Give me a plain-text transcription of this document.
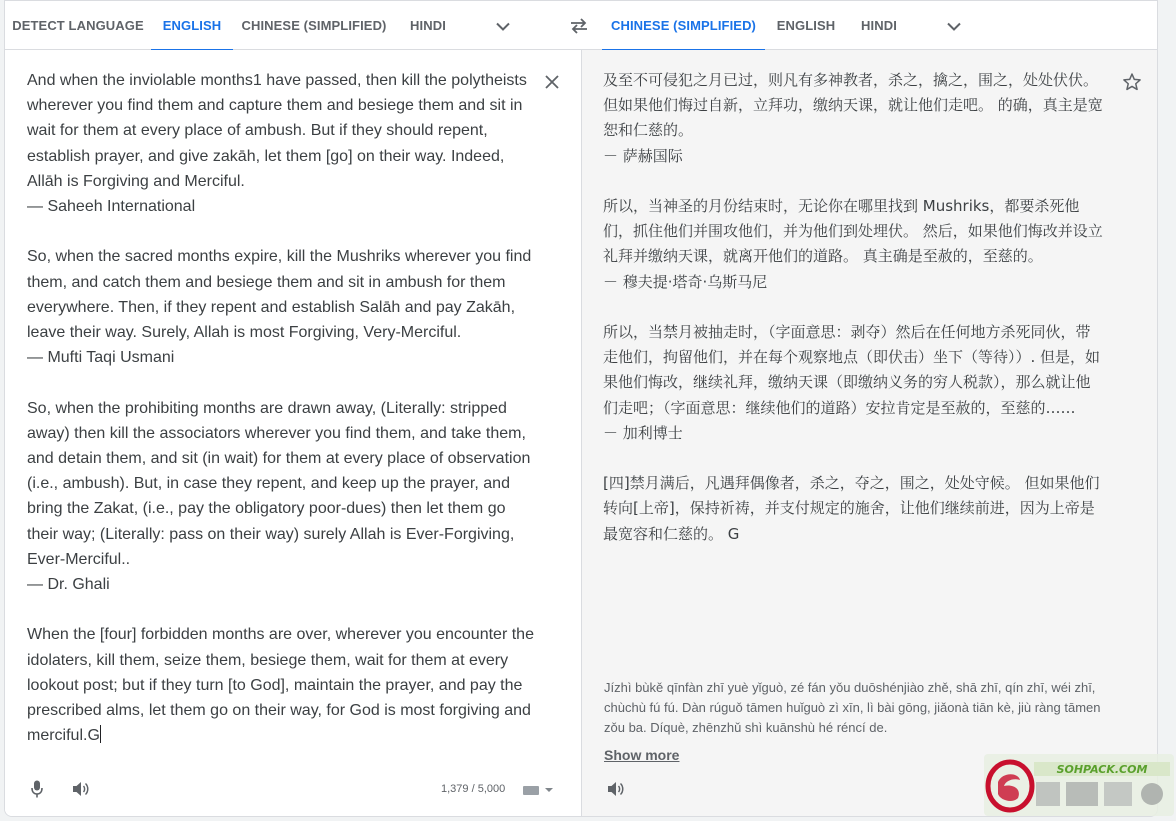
DETECT LANGUAGE	ENGLISH	CHINESE (SIMPLIFIED)	HINDI	CHINESE (SIMPLIFIED)	ENGLISH	HINDI

And when the inviolable months1 have passed, then kill the polytheists wherever you find them and capture them and besiege them and sit in wait for them at every place of ambush. But if they should repent, establish prayer, and give zakāh, let them [go] on their way. Indeed, Allāh is Forgiving and Merciful.
— Saheeh International

So, when the sacred months expire, kill the Mushriks wherever you find them, and catch them and besiege them and sit in ambush for them everywhere. Then, if they repent and establish Salāh and pay Zakāh, leave their way. Surely, Allah is most Forgiving, Very-Merciful.
— Mufti Taqi Usmani

So, when the prohibiting months are drawn away, (Literally: stripped away) then kill the associators wherever you find them, and take them, and detain them, and sit (in wait) for them at every place of observation (i.e., ambush). But, in case they repent, and keep up the prayer, and bring the Zakat, (i.e., pay the obligatory poor-dues) then let them go their way; (Literally: pass on their way) surely Allah is Ever-Forgiving, Ever-Merciful..
— Dr. Ghali

When the [four] forbidden months are over, wherever you encounter the idolaters, kill them, seize them, besiege them, wait for them at every lookout post; but if they turn [to God], maintain the prayer, and pay the prescribed alms, let them go on their way, for God is most forgiving and merciful.G

1,379 / 5,000

及至不可侵犯之月已过，则凡有多神教者，杀之，擒之，围之，处处伏伏。 但如果他们悔过自新，立拜功，缴纳天课，就让他们走吧。 的确，真主是宽恕和仁慈的。
－ 萨赫国际

所以，当神圣的月份结束时，无论你在哪里找到 Mushriks，都要杀死他们，抓住他们并围攻他们，并为他们到处埋伏。 然后，如果他们悔改并设立礼拜并缴纳天课，就离开他们的道路。 真主确是至赦的，至慈的。
－ 穆夫提·塔奇·乌斯马尼

所以，当禁月被抽走时，（字面意思：剥夺）然后在任何地方杀死同伙，带走他们，拘留他们，并在每个观察地点（即伏击）坐下（等待））. 但是，如果他们悔改，继续礼拜，缴纳天课（即缴纳义务的穷人税款），那么就让他们走吧；（字面意思：继续他们的道路）安拉肯定是至赦的，至慈的……
－ 加利博士

[四]禁月满后，凡遇拜偶像者，杀之，夺之，围之，处处守候。 但如果他们转向[上帝]，保持祈祷，并支付规定的施舍，让他们继续前进，因为上帝是最宽容和仁慈的。 G

Jízhì bùkě qīnfàn zhī yuè yǐguò, zé fán yǒu duōshénjiào zhě, shā zhī, qín zhī, wéi zhī, chùchù fú fú. Dàn rúguǒ tāmen huǐguò zì xīn, lì bài gōng, jiǎonà tiān kè, jiù ràng tāmen zǒu ba. Díquè, zhēnzhǔ shì kuānshù hé réncí de.

Show more
SOHPACK.COM
